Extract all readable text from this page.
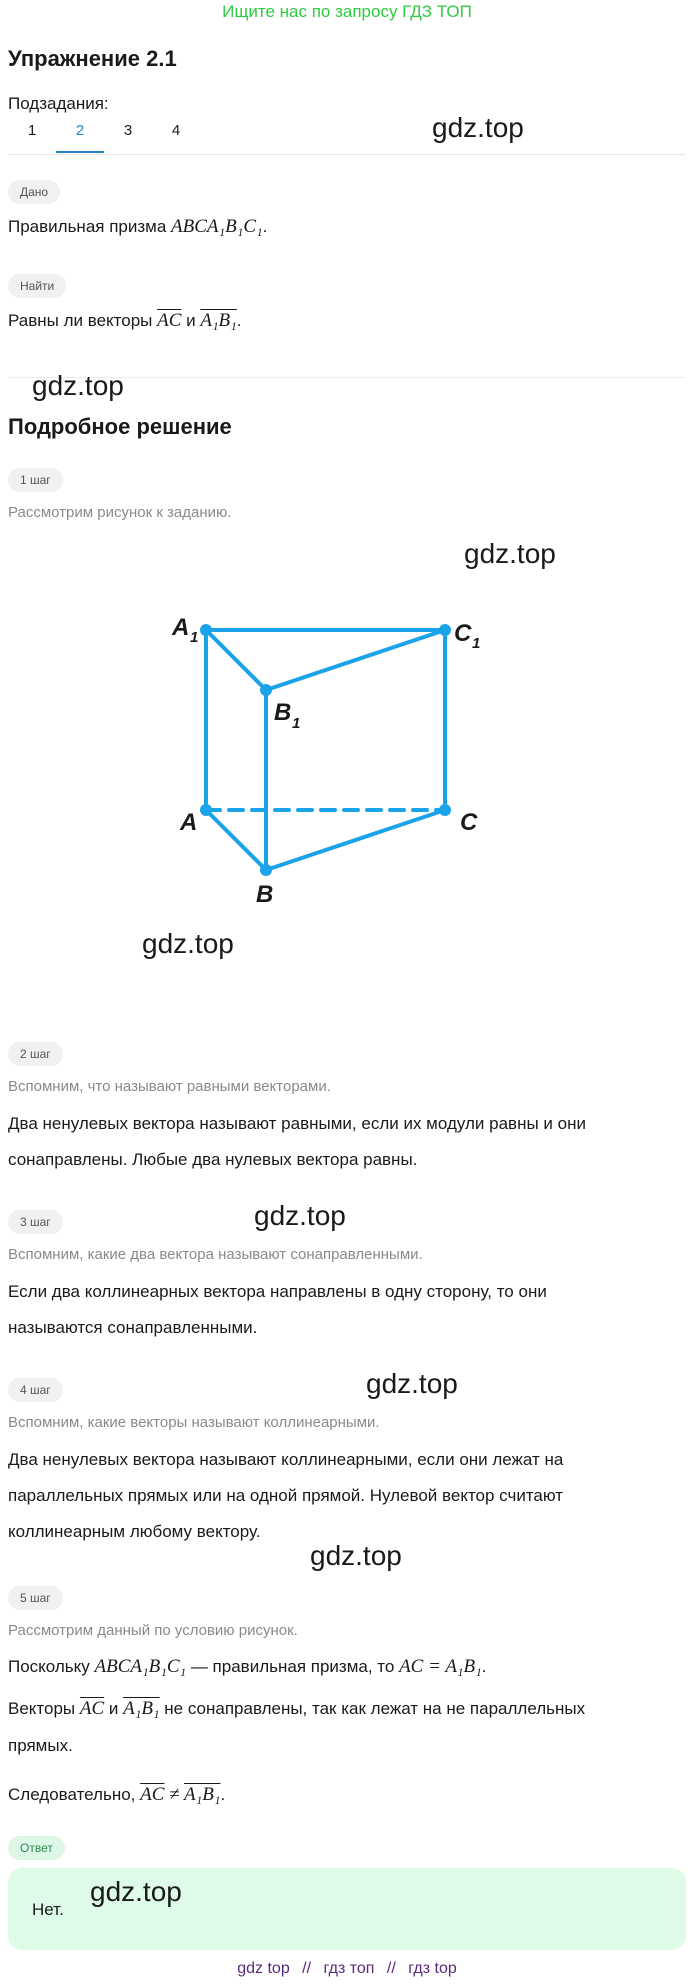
Ищите нас по запросу ГДЗ ТОП
Упражнение 2.1
Подзадания:
1	2	3	4	gdz.top
Дано
Правильная призма ABCA₁B₁C₁.
Найти
Равны ли векторы $\overline{AC}$ и A₁B₁.
gdz.top
Подробное решение
1 шаг
Рассмотрим рисунок к заданию.
gdz.top
A 1	C 1
B 1
A	C
B
gdz.top
2 шаг
Вспомним, что называют равными векторами.
Два ненулевых вектора называют равными, если их модули равны и они
сонаправлены. Любые два нулевых вектора равны.
3 шаг	gdz.top
Вспомним, какие два вектора называют сонаправленными.
Если два коллинеарных вектора направлены в одну сторону, то они
называются сонаправленными.
4 шаг	gdz.top
Вспомним, какие векторы называют коллинеарными.
Два ненулевых вектора называют коллинеарными, если они лежат на
параллельных прямых или на одной прямой. Нулевой вектор считают
коллинеарным любому вектору.
gdz.top
5 шаг
Рассмотрим данный по условию рисунок.
Поскольку ABCA₁B₁C₁ — правильная призма, то AC = A₁B₁.
Векторы $\overline{AC}$ и A₁B₁ не сонаправлены, так как лежат на не параллельных
прямых.
Следовательно, $\overline{AC} \ne A_1B_1$.
Ответ
Нет.
gdz.top
gdz top // гдз топ // гдз top
